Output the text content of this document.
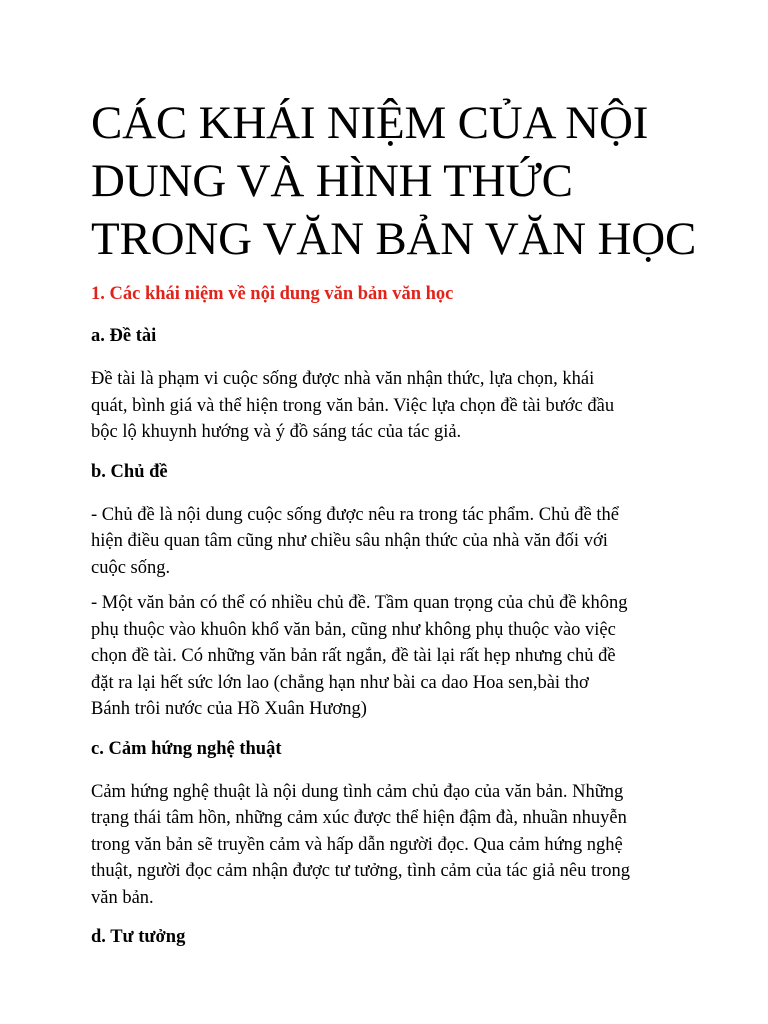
CÁC KHÁI NIỆM CỦA NỘI
DUNG VÀ HÌNH THỨC
TRONG VĂN BẢN VĂN HỌC
1. Các khái niệm về nội dung văn bản văn học
a. Đề tài
Đề tài là phạm vi cuộc sống được nhà văn nhận thức, lựa chọn, khái
quát, bình giá và thể hiện trong văn bản. Việc lựa chọn đề tài bước đầu
bộc lộ khuynh hướng và ý đồ sáng tác của tác giả.
b. Chủ đề
- Chủ đề là nội dung cuộc sống được nêu ra trong tác phẩm. Chủ đề thể
hiện điều quan tâm cũng như chiều sâu nhận thức của nhà văn đối với
cuộc sống.
- Một văn bản có thể có nhiều chủ đề. Tầm quan trọng của chủ đề không
phụ thuộc vào khuôn khổ văn bản, cũng như không phụ thuộc vào việc
chọn đề tài. Có những văn bản rất ngắn, đề tài lại rất hẹp nhưng chủ đề
đặt ra lại hết sức lớn lao (chẳng hạn như bài ca dao Hoa sen,bài thơ
Bánh trôi nước của Hồ Xuân Hương)
c. Cảm hứng nghệ thuật
Cảm hứng nghệ thuật là nội dung tình cảm chủ đạo của văn bản. Những
trạng thái tâm hồn, những cảm xúc được thể hiện đậm đà, nhuần nhuyễn
trong văn bản sẽ truyền cảm và hấp dẫn người đọc. Qua cảm hứng nghệ
thuật, người đọc cảm nhận được tư tưởng, tình cảm của tác giả nêu trong
văn bản.
d. Tư tưởng
